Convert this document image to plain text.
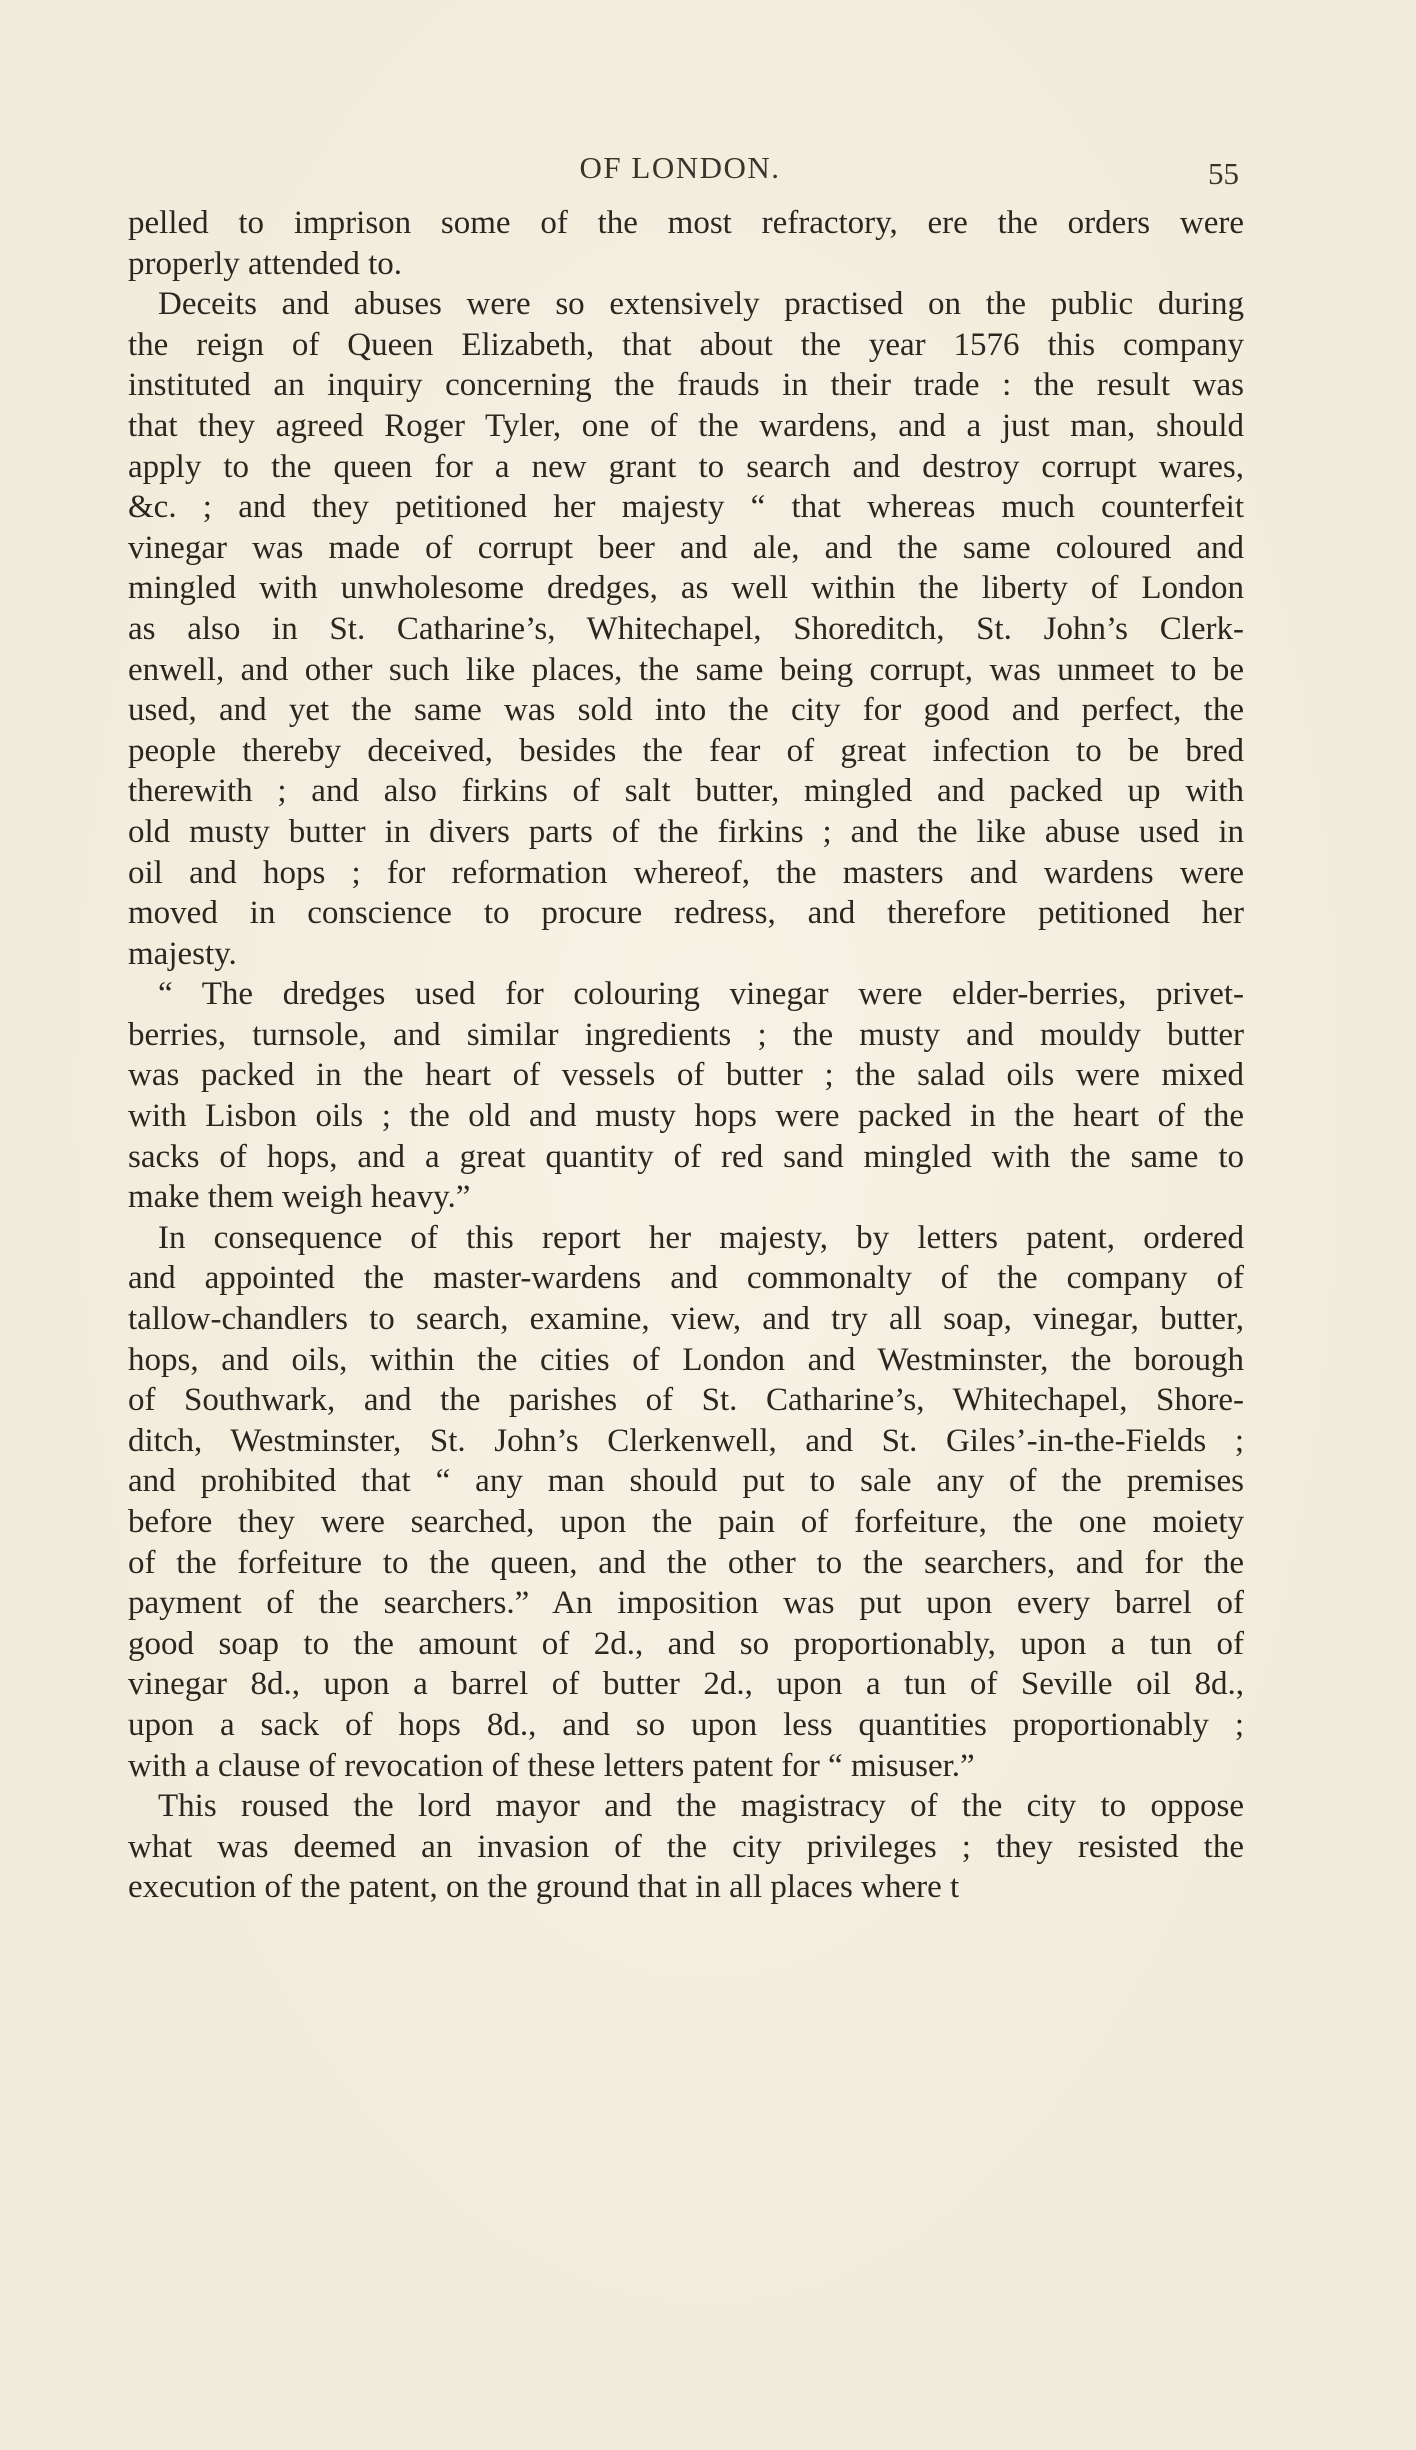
OF LONDON.	55
pelled to imprison some of the most refractory, ere the orders were
properly attended to.
Deceits and abuses were so extensively practised on the public during
the reign of Queen Elizabeth, that about the year 1576 this company
instituted an inquiry concerning the frauds in their trade : the result was
that they agreed Roger Tyler, one of the wardens, and a just man, should
apply to the queen for a new grant to search and destroy corrupt wares,
&c. ; and they petitioned her majesty “ that whereas much counterfeit
vinegar was made of corrupt beer and ale, and the same coloured and
mingled with unwholesome dredges, as well within the liberty of London
as also in St. Catharine’s, Whitechapel, Shoreditch, St. John’s Clerk-
enwell, and other such like places, the same being corrupt, was unmeet to be
used, and yet the same was sold into the city for good and perfect, the
people thereby deceived, besides the fear of great infection to be bred
therewith ; and also firkins of salt butter, mingled and packed up with
old musty butter in divers parts of the firkins ; and the like abuse used in
oil and hops ; for reformation whereof, the masters and wardens were
moved in conscience to procure redress, and therefore petitioned her
majesty.
“ The dredges used for colouring vinegar were elder-berries, privet-
berries, turnsole, and similar ingredients ; the musty and mouldy butter
was packed in the heart of vessels of butter ; the salad oils were mixed
with Lisbon oils ; the old and musty hops were packed in the heart of the
sacks of hops, and a great quantity of red sand mingled with the same to
make them weigh heavy.”
In consequence of this report her majesty, by letters patent, ordered
and appointed the master-wardens and commonalty of the company of
tallow-chandlers to search, examine, view, and try all soap, vinegar, butter,
hops, and oils, within the cities of London and Westminster, the borough
of Southwark, and the parishes of St. Catharine’s, Whitechapel, Shore-
ditch, Westminster, St. John’s Clerkenwell, and St. Giles’-in-the-Fields ;
and prohibited that “ any man should put to sale any of the premises
before they were searched, upon the pain of forfeiture, the one moiety
of the forfeiture to the queen, and the other to the searchers, and for the
payment of the searchers.” An imposition was put upon every barrel of
good soap to the amount of 2d., and so proportionably, upon a tun of
vinegar 8d., upon a barrel of butter 2d., upon a tun of Seville oil 8d.,
upon a sack of hops 8d., and so upon less quantities proportionably ;
with a clause of revocation of these letters patent for “ misuser.”
This roused the lord mayor and the magistracy of the city to oppose
what was deemed an invasion of the city privileges ; they resisted the
execution of the patent, on the ground that in all places where t
